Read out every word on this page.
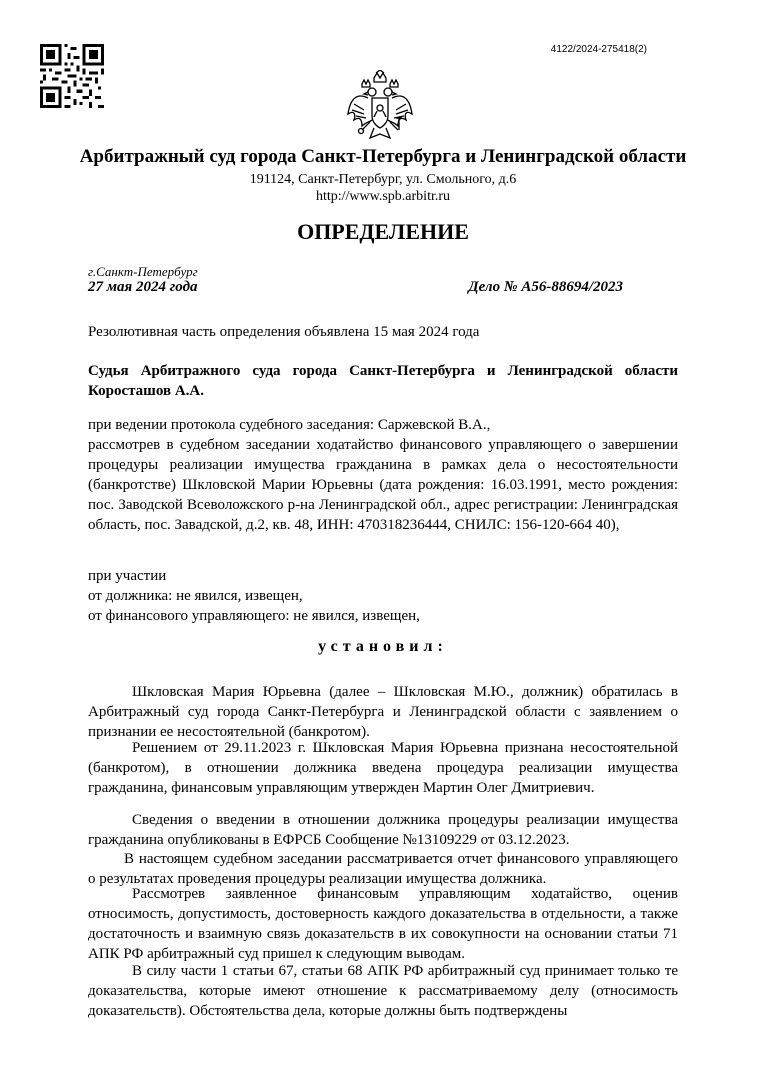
4122/2024-275418(2)
Арбитражный суд города Санкт-Петербурга и Ленинградской области
191124, Санкт-Петербург, ул. Смольного, д.6
http://www.spb.arbitr.ru
ОПРЕДЕЛЕНИЕ
г.Санкт-Петербург
27 мая 2024 года	Дело № А56-88694/2023
Резолютивная часть определения объявлена 15 мая 2024 года
Судья Арбитражного суда города Санкт-Петербурга и Ленинградской области Коросташов А.А.
при ведении протокола судебного заседания: Саржевской В.А.,
рассмотрев в судебном заседании ходатайство финансового управляющего о завершении процедуры реализации имущества гражданина в рамках дела о несостоятельности (банкротстве) Шкловской Марии Юрьевны (дата рождения: 16.03.1991, место рождения: пос. Заводской Всеволожского р-на Ленинградской обл., адрес регистрации: Ленинградская область, пос. Завадской, д.2, кв. 48, ИНН: 470318236444, СНИЛС: 156-120-664 40),
при участии
от должника: не явился, извещен,
от финансового управляющего: не явился, извещен,
установил:
Шкловская Мария Юрьевна (далее – Шкловская М.Ю., должник) обратилась в Арбитражный суд города Санкт-Петербурга и Ленинградской области с заявлением о признании ее несостоятельной (банкротом).
Решением от 29.11.2023 г. Шкловская Мария Юрьевна признана несостоятельной (банкротом), в отношении должника введена процедура реализации имущества гражданина, финансовым управляющим утвержден Мартин Олег Дмитриевич.
Сведения о введении в отношении должника процедуры реализации имущества гражданина опубликованы в ЕФРСБ Сообщение №13109229 от 03.12.2023.
В настоящем судебном заседании рассматривается отчет финансового управляющего о результатах проведения процедуры реализации имущества должника.
Рассмотрев заявленное финансовым управляющим ходатайство, оценив относимость, допустимость, достоверность каждого доказательства в отдельности, а также достаточность и взаимную связь доказательств в их совокупности на основании статьи 71 АПК РФ арбитражный суд пришел к следующим выводам.
В силу части 1 статьи 67, статьи 68 АПК РФ арбитражный суд принимает только те доказательства, которые имеют отношение к рассматриваемому делу (относимость доказательств). Обстоятельства дела, которые должны быть подтверждены
